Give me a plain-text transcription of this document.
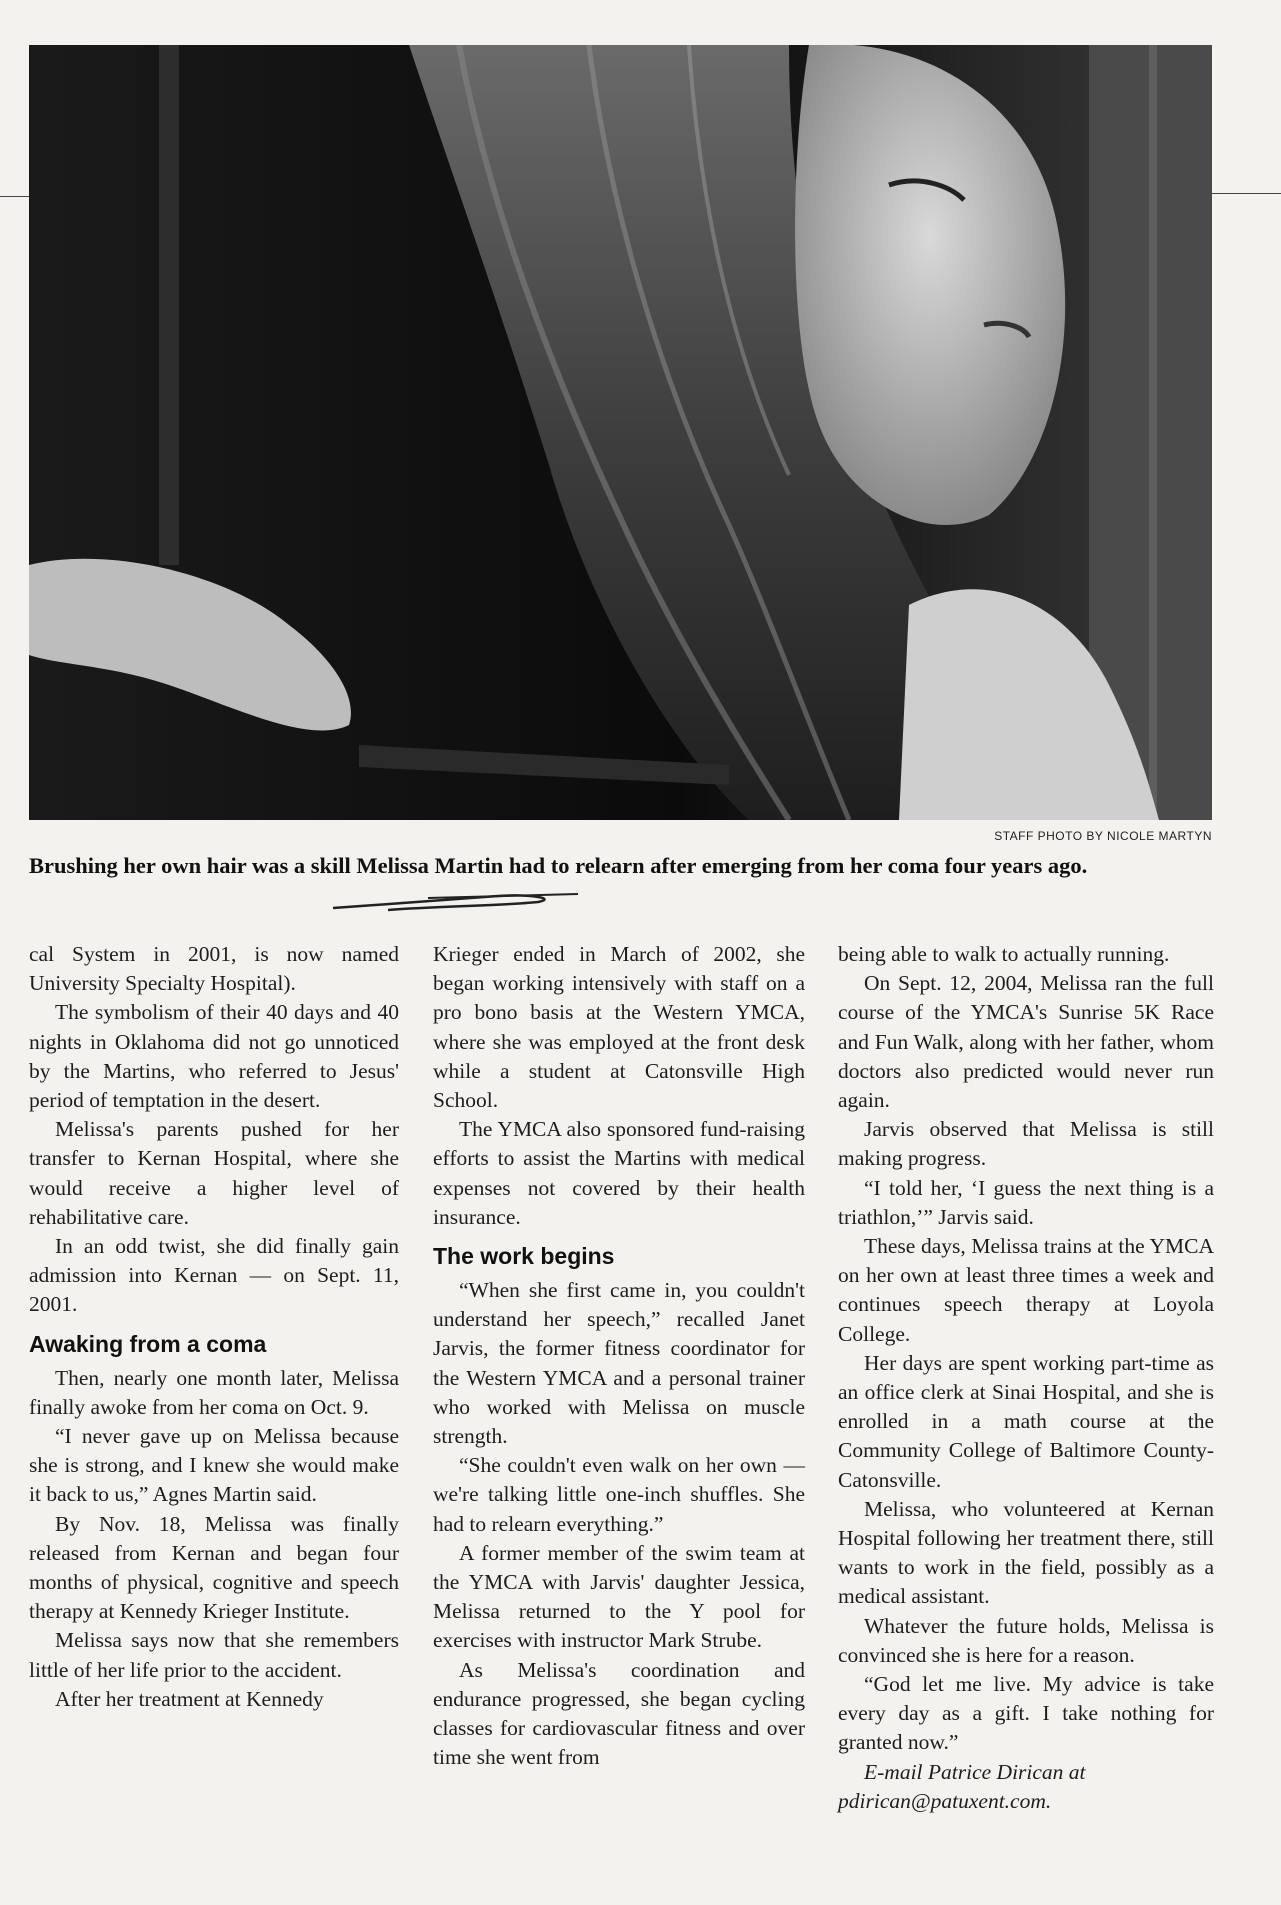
STAFF PHOTO BY NICOLE MARTYN
Brushing her own hair was a skill Melissa Martin had to relearn after emerging from her coma four years ago.

cal System in 2001, is now named University Specialty Hospital).

The symbolism of their 40 days and 40 nights in Oklahoma did not go unnoticed by the Martins, who referred to Jesus' period of temptation in the desert.

Melissa's parents pushed for her transfer to Kernan Hospital, where she would receive a higher level of rehabilitative care.

In an odd twist, she did finally gain admission into Kernan — on Sept. 11, 2001.

Awaking from a coma

Then, nearly one month later, Melissa finally awoke from her coma on Oct. 9.

“I never gave up on Melissa because she is strong, and I knew she would make it back to us,” Agnes Martin said.

By Nov. 18, Melissa was finally released from Kernan and began four months of physical, cognitive and speech therapy at Kennedy Krieger Institute.

Melissa says now that she remembers little of her life prior to the accident.

After her treatment at Kennedy

Krieger ended in March of 2002, she began working intensively with staff on a pro bono basis at the Western YMCA, where she was employed at the front desk while a student at Catonsville High School.

The YMCA also sponsored fund-raising efforts to assist the Martins with medical expenses not covered by their health insurance.

The work begins

“When she first came in, you couldn't understand her speech,” recalled Janet Jarvis, the former fitness coordinator for the Western YMCA and a personal trainer who worked with Melissa on muscle strength.

“She couldn't even walk on her own — we're talking little one-inch shuffles. She had to relearn everything.”

A former member of the swim team at the YMCA with Jarvis' daughter Jessica, Melissa returned to the Y pool for exercises with instructor Mark Strube.

As Melissa's coordination and endurance progressed, she began cycling classes for cardiovascular fitness and over time she went from

being able to walk to actually running.

On Sept. 12, 2004, Melissa ran the full course of the YMCA's Sunrise 5K Race and Fun Walk, along with her father, whom doctors also predicted would never run again.

Jarvis observed that Melissa is still making progress.

“I told her, ‘I guess the next thing is a triathlon,’” Jarvis said.

These days, Melissa trains at the YMCA on her own at least three times a week and continues speech therapy at Loyola College.

Her days are spent working part-time as an office clerk at Sinai Hospital, and she is enrolled in a math course at the Community College of Baltimore County-Catonsville.

Melissa, who volunteered at Kernan Hospital following her treatment there, still wants to work in the field, possibly as a medical assistant.

Whatever the future holds, Melissa is convinced she is here for a reason.

“God let me live. My advice is take every day as a gift. I take nothing for granted now.”

E-mail Patrice Dirican at
pdirican@patuxent.com.
